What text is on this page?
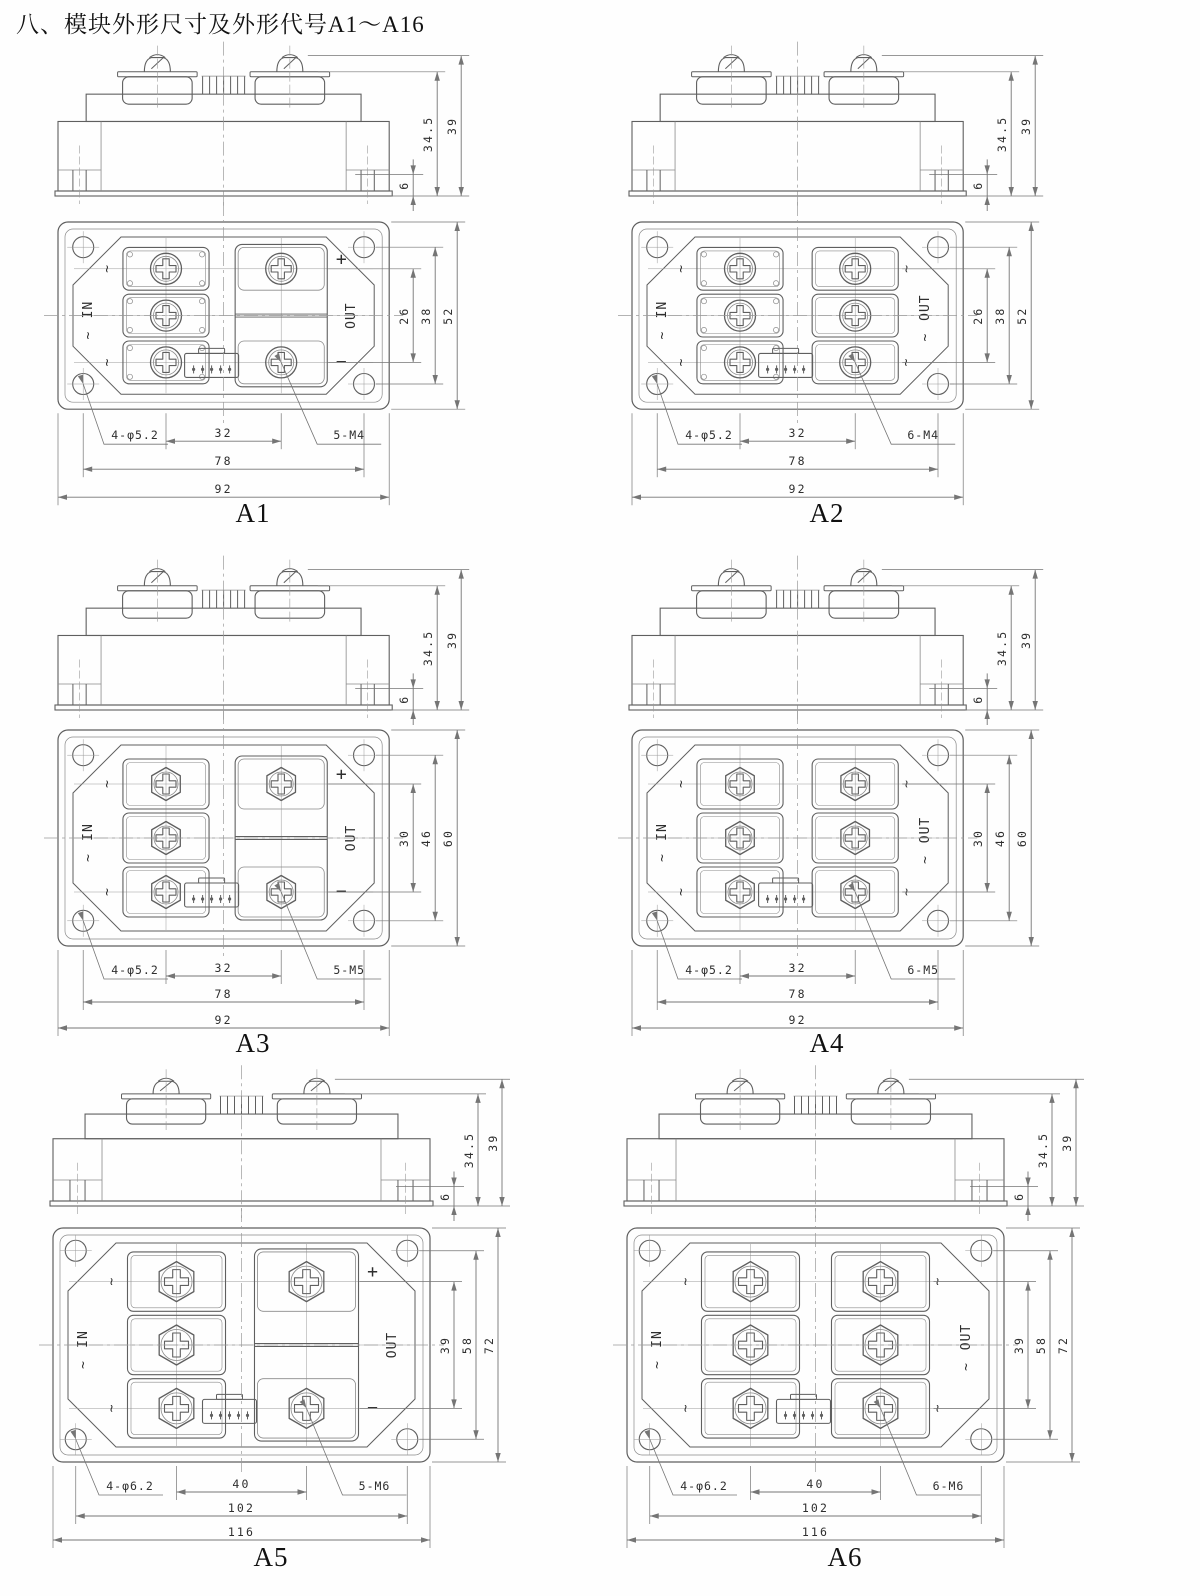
八、模块外形尺寸及外形代号A1～A16
6
34.5 39
~
~
+
−
IN
~
OUT	26 38 52
32
78
92
4-φ5.2	5-M4
A1
6
34.5 39
~
~
~
~
IN
~
OUT
~
26 38 52
32
78
92
4-φ5.2	6-M4
A2
6
34.5 39
~
~
+
−
IN
~
OUT	30 46 60
32
78
92
4-φ5.2	5-M5
A3
6
34.5 39
~
~
~
~
IN
~
OUT
~
30 46 60
32
78
92
4-φ5.2	6-M5
A4
6
34.5 39
~
~
+
−
IN
~
OUT	39 58 72
40
102
116
4-φ6.2	5-M6
A5
6
34.5 39
~
~
~
~
IN
~
OUT
~
39 58 72
40
102
116
4-φ6.2	6-M6
A6
